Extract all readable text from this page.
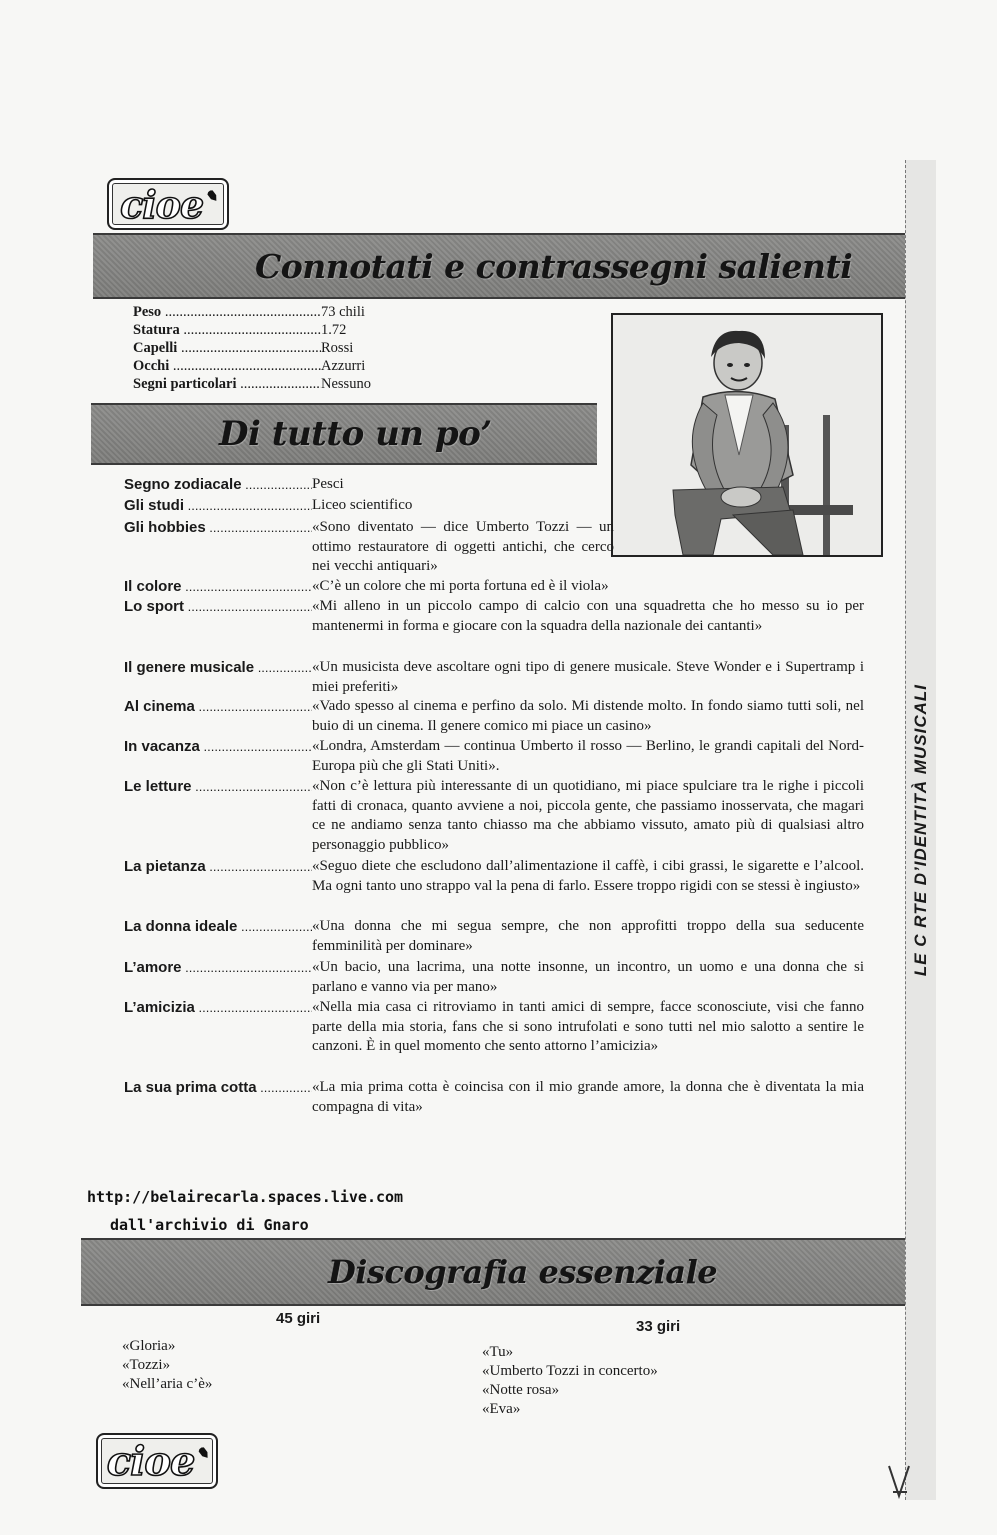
cioe ✎
Connotati e contrassegni salienti
Peso .....	73 chili
Statura .....	1.72
Capelli .....	Rossi
Occhi .....	Azzurri
Segni particolari .....	Nessuno
Di tutto un po’
Segno zodiacale .....	Pesci
Gli studi .....	Liceo scientifico
Gli hobbies .....	«Sono diventato — dice Umberto Tozzi — un ottimo restauratore di oggetti antichi, che cerco nei vecchi antiquari»
Il colore .....	«C’è un colore che mi porta fortuna ed è il viola»
Lo sport .....	«Mi alleno in un piccolo campo di calcio con una squadretta che ho messo su io per mantenermi in forma e giocare con la squadra della nazionale dei cantanti»
Il genere musicale .....	«Un musicista deve ascoltare ogni tipo di genere musicale. Steve Wonder e i Supertramp i miei preferiti»
Al cinema .....	«Vado spesso al cinema e perfino da solo. Mi distende molto. In fondo siamo tutti soli, nel buio di un cinema. Il genere comico mi piace un casino»
In vacanza .....	«Londra, Amsterdam — continua Umberto il rosso — Berlino, le grandi capitali del Nord-Europa più che gli Stati Uniti».
Le letture .....	«Non c’è lettura più interessante di un quotidiano, mi piace spulciare tra le righe i piccoli fatti di cronaca, quanto avviene a noi, piccola gente, che passiamo inosservata, che magari ce ne andiamo senza tanto chiasso ma che abbiamo vissuto, amato più di qualsiasi altro personaggio pubblico»
La pietanza .....	«Seguo diete che escludono dall’alimentazione il caffè, i cibi grassi, le sigarette e l’alcool. Ma ogni tanto uno strappo val la pena di farlo. Essere troppo rigidi con se stessi è ingiusto»
La donna ideale .....	«Una donna che mi segua sempre, che non approfitti troppo della sua seducente femminilità per dominare»
L’amore .....	«Un bacio, una lacrima, una notte insonne, un incontro, un uomo e una donna che si parlano e vanno via per mano»
L’amicizia .....	«Nella mia casa ci ritroviamo in tanti amici di sempre, facce sconosciute, visi che fanno parte della mia storia, fans che si sono intrufolati e sono tutti nel mio salotto a sentire le canzoni. È in quel momento che sento attorno l’amicizia»
La sua prima cotta .....	«La mia prima cotta è coincisa con il mio grande amore, la donna che è diventata la mia compagna di vita»
http://belairecarla.spaces.live.com
dall'archivio di Gnaro
Discografia essenziale
45 giri
«Gloria»
«Tozzi»
«Nell’aria c’è»
33 giri
«Tu»
«Umberto Tozzi in concerto»
«Notte rosa»
«Eva»
cioe ✎
LE C RTE D’IDENTITÀ MUSICALI
